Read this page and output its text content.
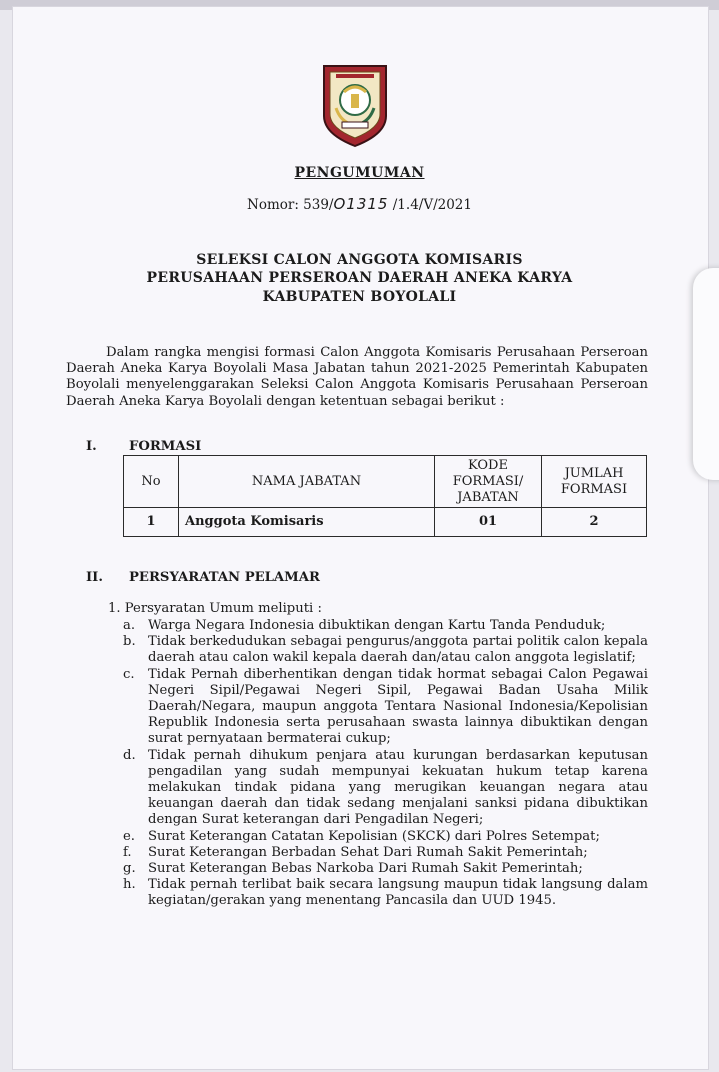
PENGUMUMAN
Nomor: 539/O1315 /1.4/V/2021
SELEKSI CALON ANGGOTA KOMISARIS
PERUSAHAAN PERSEROAN DAERAH ANEKA KARYA
KABUPATEN BOYOLALI
Dalam rangka mengisi formasi Calon Anggota Komisaris Perusahaan Perseroan Daerah Aneka Karya Boyolali Masa Jabatan tahun 2021-2025 Pemerintah Kabupaten Boyolali menyelenggarakan Seleksi Calon Anggota Komisaris Perusahaan Perseroan Daerah Aneka Karya Boyolali dengan ketentuan sebagai berikut :
I. FORMASI
No	NAMA JABATAN	KODE FORMASI/ JABATAN	JUMLAH FORMASI
1	Anggota Komisaris	01	2
II. PERSYARATAN PELAMAR
1. Persyaratan Umum meliputi :
a. Warga Negara Indonesia dibuktikan dengan Kartu Tanda Penduduk;
b. Tidak berkedudukan sebagai pengurus/anggota partai politik calon kepala daerah atau calon wakil kepala daerah dan/atau calon anggota legislatif;
c. Tidak Pernah diberhentikan dengan tidak hormat sebagai Calon Pegawai Negeri Sipil/Pegawai Negeri Sipil, Pegawai Badan Usaha Milik Daerah/Negara, maupun anggota Tentara Nasional Indonesia/Kepolisian Republik Indonesia serta perusahaan swasta lainnya dibuktikan dengan surat pernyataan bermaterai cukup;
d. Tidak pernah dihukum penjara atau kurungan berdasarkan keputusan pengadilan yang sudah mempunyai kekuatan hukum tetap karena melakukan tindak pidana yang merugikan keuangan negara atau keuangan daerah dan tidak sedang menjalani sanksi pidana dibuktikan dengan Surat keterangan dari Pengadilan Negeri;
e. Surat Keterangan Catatan Kepolisian (SKCK) dari Polres Setempat;
f. Surat Keterangan Berbadan Sehat Dari Rumah Sakit Pemerintah;
g. Surat Keterangan Bebas Narkoba Dari Rumah Sakit Pemerintah;
h. Tidak pernah terlibat baik secara langsung maupun tidak langsung dalam kegiatan/gerakan yang menentang Pancasila dan UUD 1945.
